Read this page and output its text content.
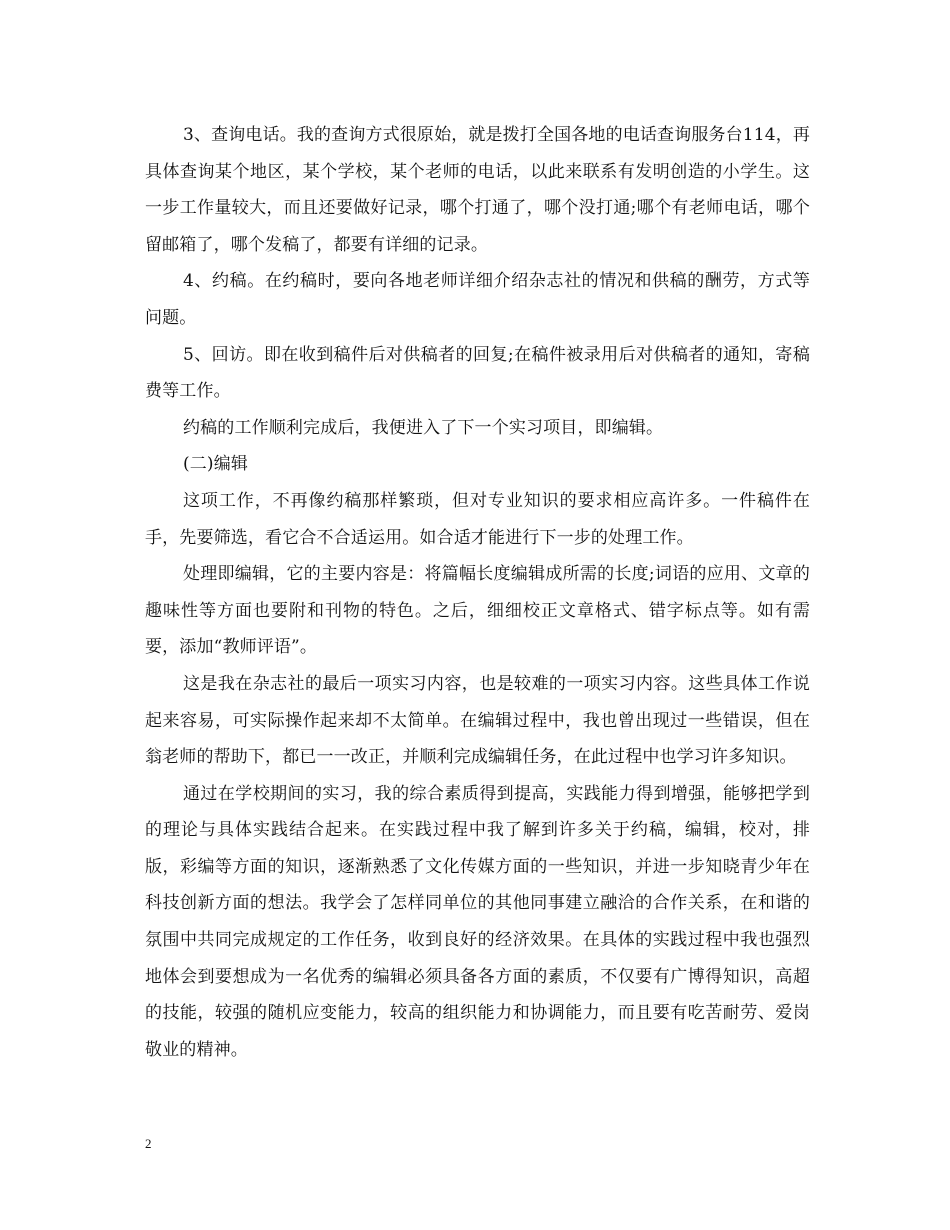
3、查询电话。我的查询方式很原始，就是拨打全国各地的电话查询服务台114，再具体查询某个地区，某个学校，某个老师的电话，以此来联系有发明创造的小学生。这一步工作量较大，而且还要做好记录，哪个打通了，哪个没打通;哪个有老师电话，哪个留邮箱了，哪个发稿了，都要有详细的记录。

4、约稿。在约稿时，要向各地老师详细介绍杂志社的情况和供稿的酬劳，方式等问题。

5、回访。即在收到稿件后对供稿者的回复;在稿件被录用后对供稿者的通知，寄稿费等工作。

约稿的工作顺利完成后，我便进入了下一个实习项目，即编辑。

(二)编辑

这项工作，不再像约稿那样繁琐，但对专业知识的要求相应高许多。一件稿件在手，先要筛选，看它合不合适运用。如合适才能进行下一步的处理工作。

处理即编辑，它的主要内容是：将篇幅长度编辑成所需的长度;词语的应用、文章的趣味性等方面也要附和刊物的特色。之后，细细校正文章格式、错字标点等。如有需要，添加“教师评语”。

这是我在杂志社的最后一项实习内容，也是较难的一项实习内容。这些具体工作说起来容易，可实际操作起来却不太简单。在编辑过程中，我也曾出现过一些错误，但在翁老师的帮助下，都已一一改正，并顺利完成编辑任务，在此过程中也学习许多知识。

通过在学校期间的实习，我的综合素质得到提高，实践能力得到增强，能够把学到的理论与具体实践结合起来。在实践过程中我了解到许多关于约稿，编辑，校对，排版，彩编等方面的知识，逐渐熟悉了文化传媒方面的一些知识，并进一步知晓青少年在科技创新方面的想法。我学会了怎样同单位的其他同事建立融洽的合作关系，在和谐的氛围中共同完成规定的工作任务，收到良好的经济效果。在具体的实践过程中我也强烈地体会到要想成为一名优秀的编辑必须具备各方面的素质，不仅要有广博得知识，高超的技能，较强的随机应变能力，较高的组织能力和协调能力，而且要有吃苦耐劳、爱岗敬业的精神。

2
